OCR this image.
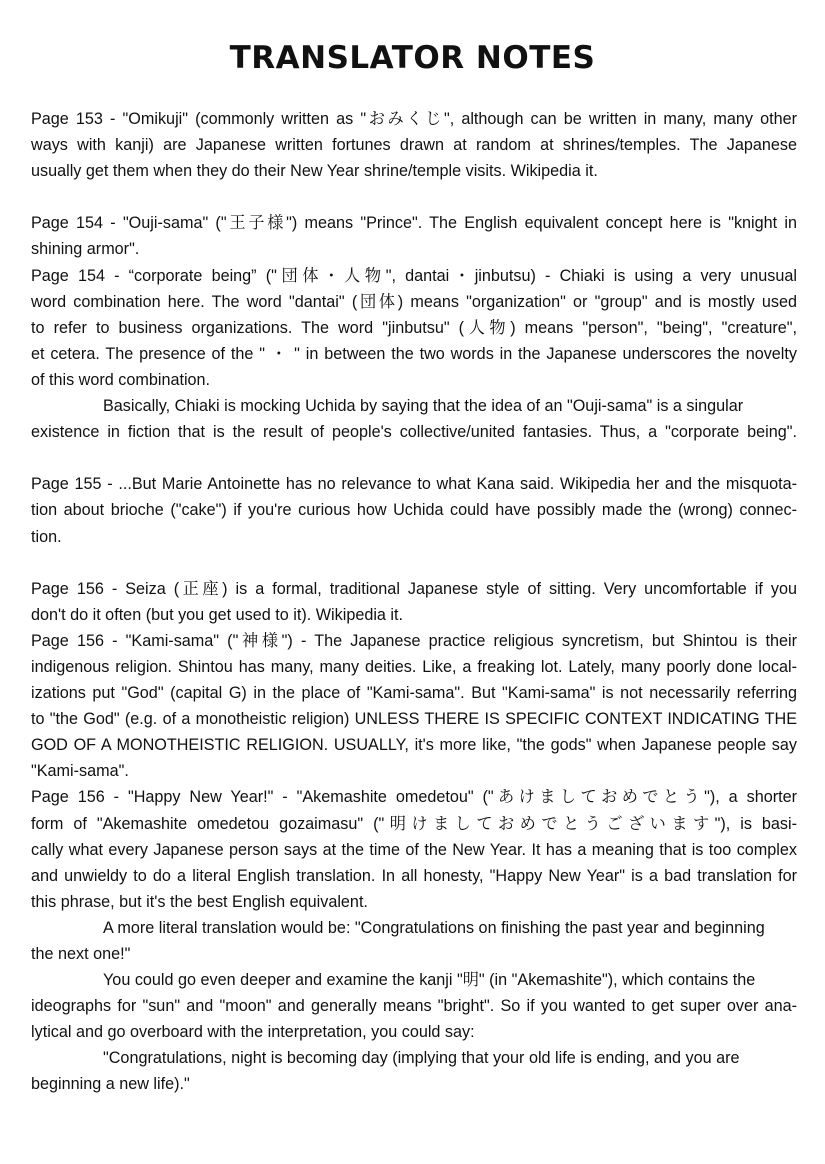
TRANSLATOR NOTES
Page 153 - "Omikuji" (commonly written as "おみくじ", although can be written in many, many other
ways with kanji) are Japanese written fortunes drawn at random at shrines/temples. The Japanese
usually get them when they do their New Year shrine/temple visits. Wikipedia it.
Page 154 - "Ouji-sama" ("王子様") means "Prince". The English equivalent concept here is "knight in
shining armor".
Page 154 - “corporate being” ("団体・人物", dantai・jinbutsu) - Chiaki is using a very unusual
word combination here. The word "dantai" (団体) means "organization" or "group" and is mostly used
to refer to business organizations. The word "jinbutsu" (人物) means "person", "being", "creature",
et cetera. The presence of the " ・ " in between the two words in the Japanese underscores the novelty
of this word combination.
Basically, Chiaki is mocking Uchida by saying that the idea of an "Ouji-sama" is a singular
existence in fiction that is the result of people's collective/united fantasies. Thus, a "corporate being".
Page 155 - ...But Marie Antoinette has no relevance to what Kana said. Wikipedia her and the misquota-
tion about brioche ("cake") if you're curious how Uchida could have possibly made the (wrong) connec-
tion.
Page 156 - Seiza (正座) is a formal, traditional Japanese style of sitting. Very uncomfortable if you
don't do it often (but you get used to it). Wikipedia it.
Page 156 - "Kami-sama" ("神様") - The Japanese practice religious syncretism, but Shintou is their
indigenous religion. Shintou has many, many deities. Like, a freaking lot. Lately, many poorly done local-
izations put "God" (capital G) in the place of "Kami-sama". But "Kami-sama" is not necessarily referring
to "the God" (e.g. of a monotheistic religion) UNLESS THERE IS SPECIFIC CONTEXT INDICATING THE
GOD OF A MONOTHEISTIC RELIGION. USUALLY, it's more like, "the gods" when Japanese people say
"Kami-sama".
Page 156 - "Happy New Year!" - "Akemashite omedetou" ("あけましておめでとう"), a shorter
form of "Akemashite omedetou gozaimasu" ("明けましておめでとうございます"), is basi-
cally what every Japanese person says at the time of the New Year. It has a meaning that is too complex
and unwieldy to do a literal English translation. In all honesty, "Happy New Year" is a bad translation for
this phrase, but it's the best English equivalent.
A more literal translation would be: "Congratulations on finishing the past year and beginning
the next one!"
You could go even deeper and examine the kanji "明" (in "Akemashite"), which contains the
ideographs for "sun" and "moon" and generally means "bright". So if you wanted to get super over ana-
lytical and go overboard with the interpretation, you could say:
"Congratulations, night is becoming day (implying that your old life is ending, and you are
beginning a new life)."
